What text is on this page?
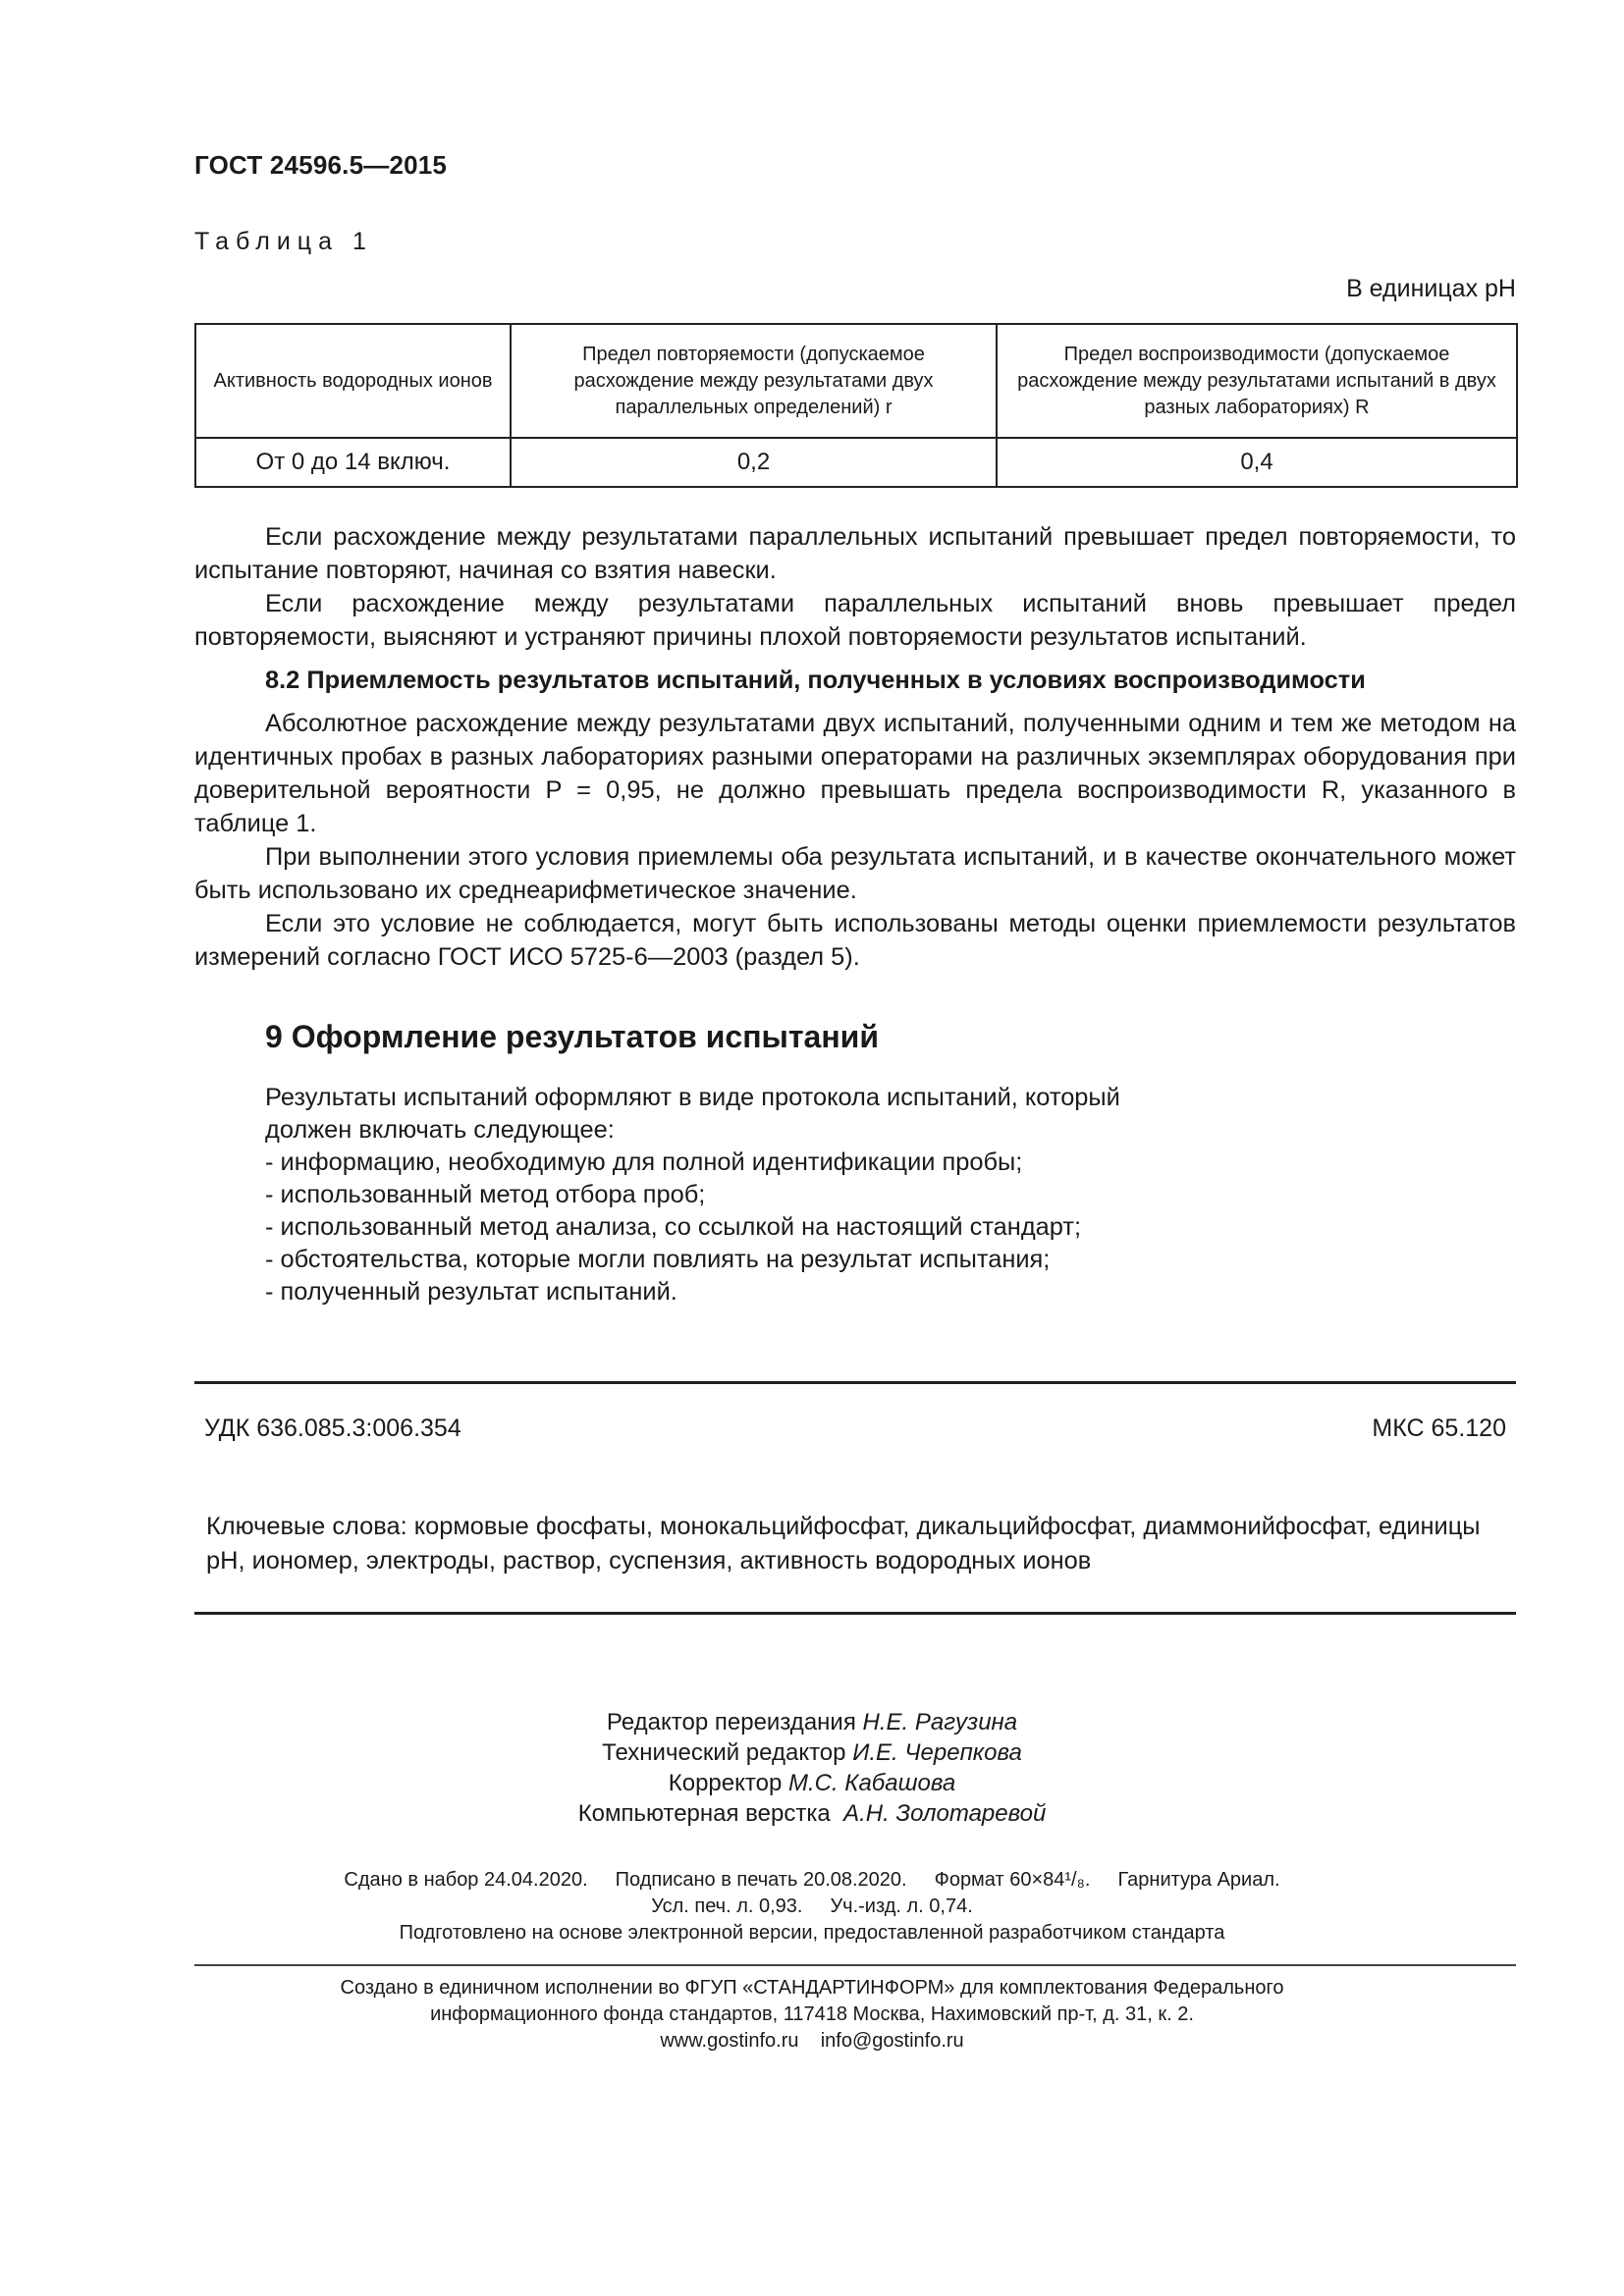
ГОСТ 24596.5—2015
Таблица 1
В единицах pH
Активность водородных ионов	Предел повторяемости (допускаемое расхождение между результатами двух параллельных определений) r	Предел воспроизводимости (допускаемое расхождение между результатами испытаний в двух разных лабораториях) R
От 0 до 14 включ.	0,2	0,4

Если расхождение между результатами параллельных испытаний превышает предел повторяемости, то испытание повторяют, начиная со взятия навески.

Если расхождение между результатами параллельных испытаний вновь превышает предел повторяемости, выясняют и устраняют причины плохой повторяемости результатов испытаний.

8.2 Приемлемость результатов испытаний, полученных в условиях воспроизводимости

Абсолютное расхождение между результатами двух испытаний, полученными одним и тем же методом на идентичных пробах в разных лабораториях разными операторами на различных экземплярах оборудования при доверительной вероятности P = 0,95, не должно превышать предела воспроизводимости R, указанного в таблице 1.

При выполнении этого условия приемлемы оба результата испытаний, и в качестве окончательного может быть использовано их среднеарифметическое значение.

Если это условие не соблюдается, могут быть использованы методы оценки приемлемости результатов измерений согласно ГОСТ ИСО 5725-6—2003 (раздел 5).

9 Оформление результатов испытаний
Результаты испытаний оформляют в виде протокола испытаний, который
должен включать следующее:
- информацию, необходимую для полной идентификации пробы;
- использованный метод отбора проб;
- использованный метод анализа, со ссылкой на настоящий стандарт;
- обстоятельства, которые могли повлиять на результат испытания;
- полученный результат испытаний.
УДК 636.085.3:006.354	МКС 65.120
Ключевые слова: кормовые фосфаты, монокальцийфосфат, дикальцийфосфат, диаммонийфосфат, единицы pH, иономер, электроды, раствор, суспензия, активность водородных ионов
Редактор переиздания Н.Е. Рагузина
Технический редактор И.Е. Черепкова
Корректор М.С. Кабашова
Компьютерная верстка А.Н. Золотаревой
Сдано в набор 24.04.2020. Подписано в печать 20.08.2020. Формат 60×84¹/₈. Гарнитура Ариал.
Усл. печ. л. 0,93. Уч.-изд. л. 0,74.
Подготовлено на основе электронной версии, предоставленной разработчиком стандарта
Создано в единичном исполнении во ФГУП «СТАНДАРТИНФОРМ» для комплектования Федерального
информационного фонда стандартов, 117418 Москва, Нахимовский пр-т, д. 31, к. 2.
www.gostinfo.ru info@gostinfo.ru
